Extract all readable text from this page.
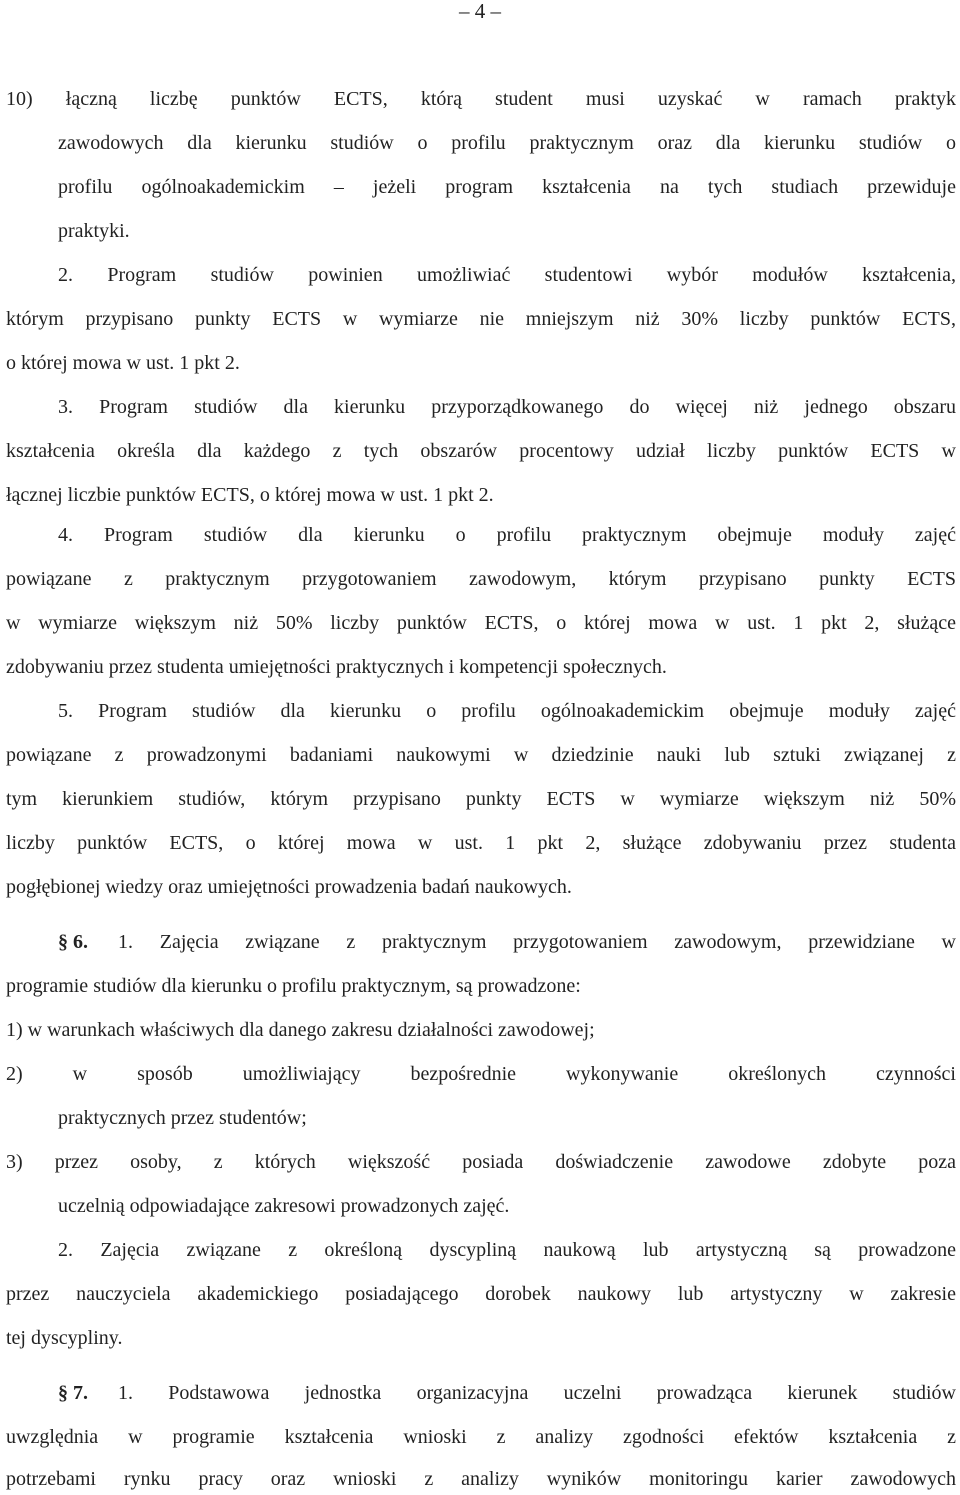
– 4 –
10) łączną liczbę punktów ECTS, którą student musi uzyskać w ramach praktyk
zawodowych dla kierunku studiów o profilu praktycznym oraz dla kierunku studiów o
profilu ogólnoakademickim – jeżeli program kształcenia na tych studiach przewiduje
praktyki.
2. Program studiów powinien umożliwiać studentowi wybór modułów kształcenia,
którym przypisano punkty ECTS w wymiarze nie mniejszym niż 30% liczby punktów ECTS,
o której mowa w ust. 1 pkt 2.
3. Program studiów dla kierunku przyporządkowanego do więcej niż jednego obszaru
kształcenia określa dla każdego z tych obszarów procentowy udział liczby punktów ECTS w
łącznej liczbie punktów ECTS, o której mowa w ust. 1 pkt 2.
4. Program studiów dla kierunku o profilu praktycznym obejmuje moduły zajęć
powiązane z praktycznym przygotowaniem zawodowym, którym przypisano punkty ECTS
w wymiarze większym niż 50% liczby punktów ECTS, o której mowa w ust. 1 pkt 2, służące
zdobywaniu przez studenta umiejętności praktycznych i kompetencji społecznych.
5. Program studiów dla kierunku o profilu ogólnoakademickim obejmuje moduły zajęć
powiązane z prowadzonymi badaniami naukowymi w dziedzinie nauki lub sztuki związanej z
tym kierunkiem studiów, którym przypisano punkty ECTS w wymiarze większym niż 50%
liczby punktów ECTS, o której mowa w ust. 1 pkt 2, służące zdobywaniu przez studenta
pogłębionej wiedzy oraz umiejętności prowadzenia badań naukowych.
§ 6. 1. Zajęcia związane z praktycznym przygotowaniem zawodowym, przewidziane w
programie studiów dla kierunku o profilu praktycznym, są prowadzone:
1) w warunkach właściwych dla danego zakresu działalności zawodowej;
2) w sposób umożliwiający bezpośrednie wykonywanie określonych czynności
praktycznych przez studentów;
3) przez osoby, z których większość posiada doświadczenie zawodowe zdobyte poza
uczelnią odpowiadające zakresowi prowadzonych zajęć.
2. Zajęcia związane z określoną dyscypliną naukową lub artystyczną są prowadzone
przez nauczyciela akademickiego posiadającego dorobek naukowy lub artystyczny w zakresie
tej dyscypliny.
§ 7. 1. Podstawowa jednostka organizacyjna uczelni prowadząca kierunek studiów
uwzględnia w programie kształcenia wnioski z analizy zgodności efektów kształcenia z
potrzebami rynku pracy oraz wnioski z analizy wyników monitoringu karier zawodowych
